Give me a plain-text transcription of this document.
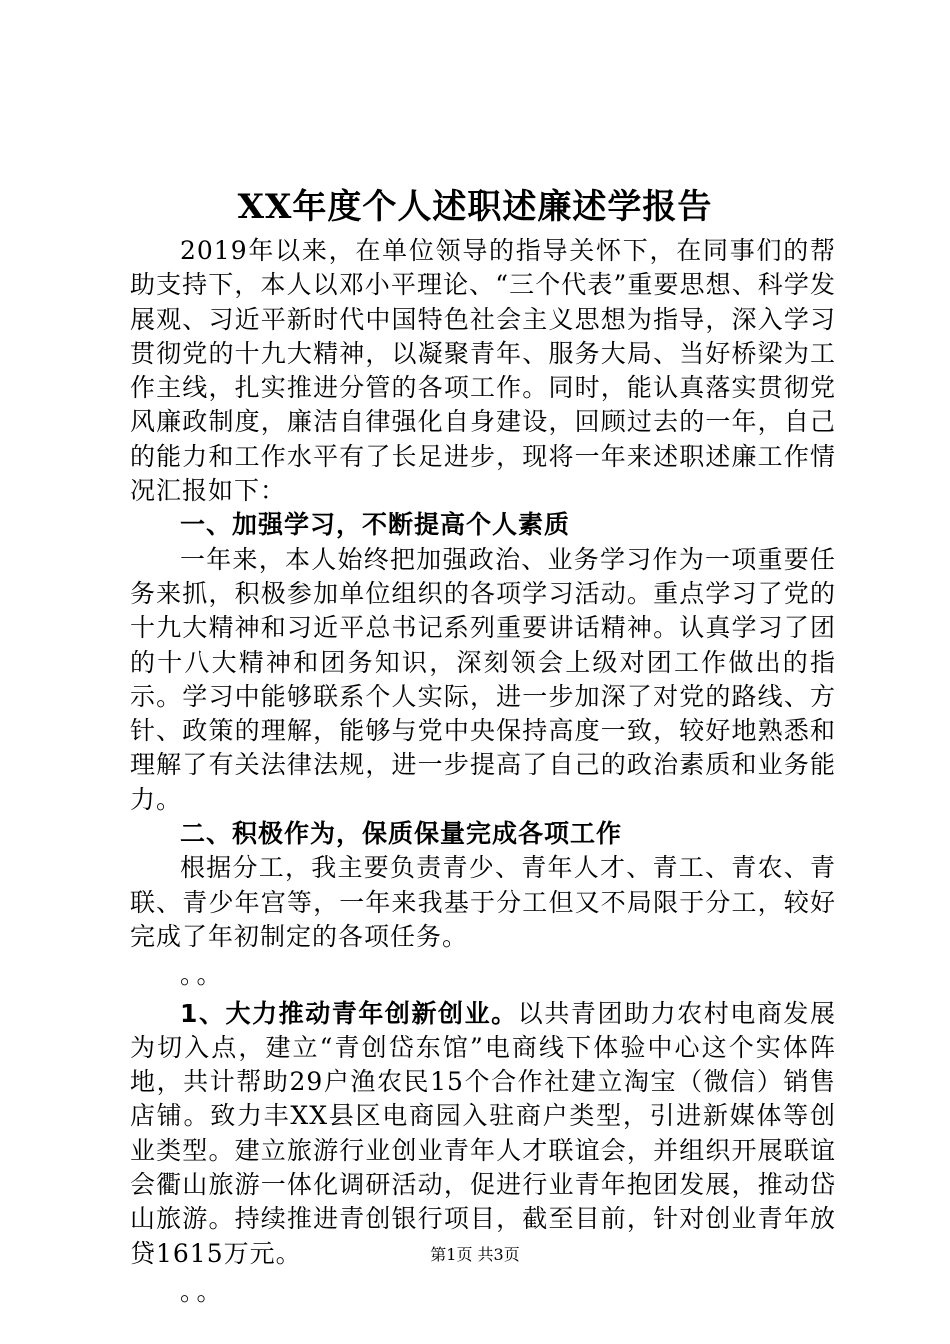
XX年度个人述职述廉述学报告

2019年以来，在单位领导的指导关怀下，在同事们的帮助支持下，本人以邓小平理论、“三个代表”重要思想、科学发展观、习近平新时代中国特色社会主义思想为指导，深入学习贯彻党的十九大精神，以凝聚青年、服务大局、当好桥梁为工作主线，扎实推进分管的各项工作。同时，能认真落实贯彻党风廉政制度，廉洁自律强化自身建设，回顾过去的一年，自己的能力和工作水平有了长足进步，现将一年来述职述廉工作情况汇报如下：

一、加强学习，不断提高个人素质

一年来，本人始终把加强政治、业务学习作为一项重要任务来抓，积极参加单位组织的各项学习活动。重点学习了党的十九大精神和习近平总书记系列重要讲话精神。认真学习了团的十八大精神和团务知识，深刻领会上级对团工作做出的指示。学习中能够联系个人实际，进一步加深了对党的路线、方针、政策的理解，能够与党中央保持高度一致，较好地熟悉和理解了有关法律法规，进一步提高了自己的政治素质和业务能力。

二、积极作为，保质保量完成各项工作

根据分工，我主要负责青少、青年人才、青工、青农、青联、青少年宫等，一年来我基于分工但又不局限于分工，较好完成了年初制定的各项任务。

。。

1、大力推动青年创新创业。以共青团助力农村电商发展为切入点，建立“青创岱东馆”电商线下体验中心这个实体阵地，共计帮助29户渔农民15个合作社建立淘宝（微信）销售店铺。致力丰XX县区电商园入驻商户类型，引进新媒体等创业类型。建立旅游行业创业青年人才联谊会，并组织开展联谊会衢山旅游一体化调研活动，促进行业青年抱团发展，推动岱山旅游。持续推进青创银行项目，截至目前，针对创业青年放贷1615万元。

。。

第1页 共3页
